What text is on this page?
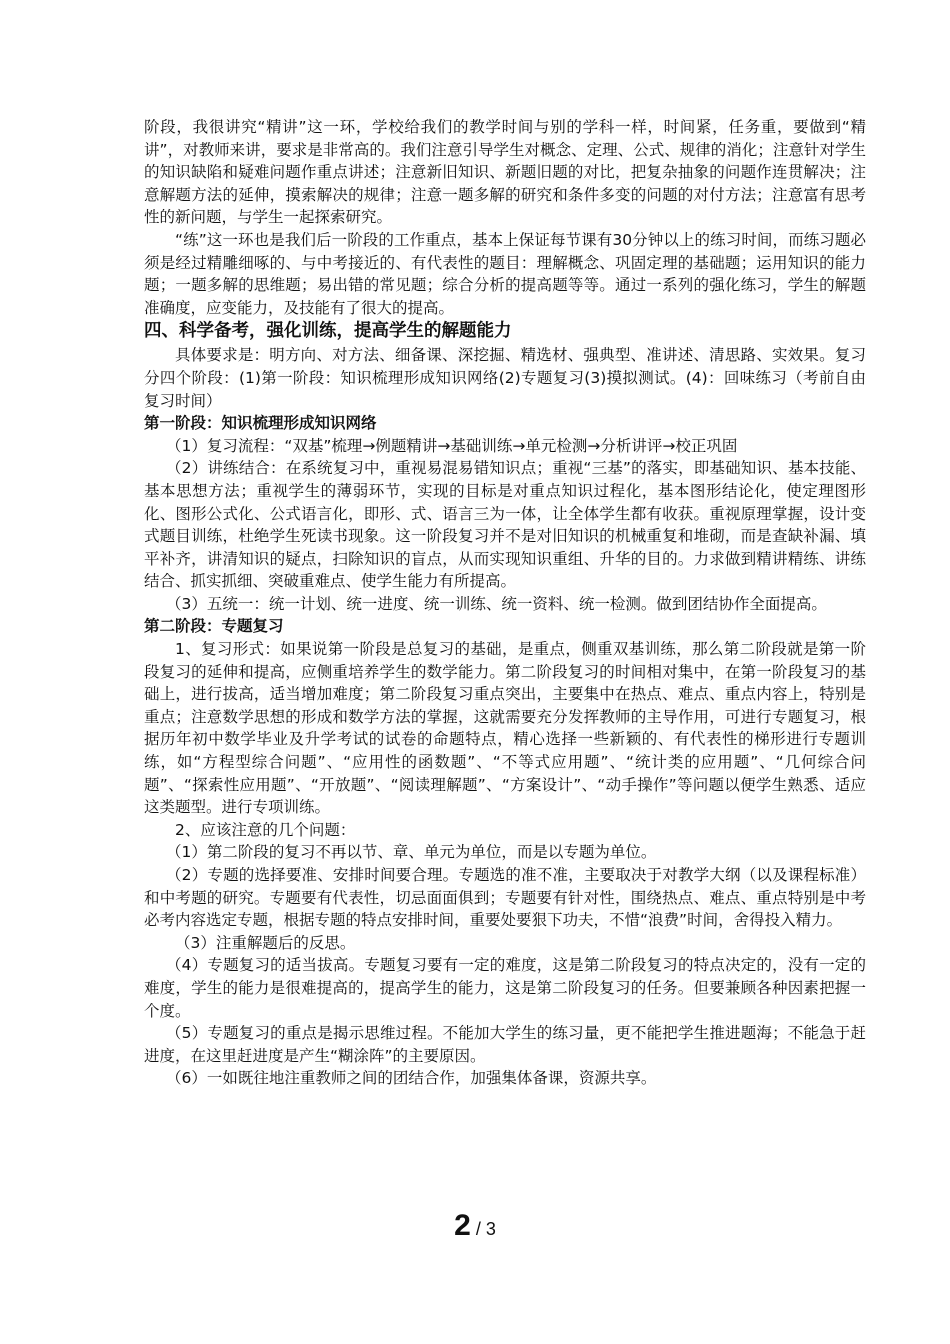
阶段，我很讲究“精讲”这一环，学校给我们的教学时间与别的学科一样，时间紧，任务重，要做到“精讲”，对教师来讲，要求是非常高的。我们注意引导学生对概念、定理、公式、规律的消化；注意针对学生的知识缺陷和疑难问题作重点讲述；注意新旧知识、新题旧题的对比，把复杂抽象的问题作连贯解决；注意解题方法的延伸，摸索解决的规律；注意一题多解的研究和条件多变的问题的对付方法；注意富有思考性的新问题，与学生一起探索研究。

“练”这一环也是我们后一阶段的工作重点，基本上保证每节课有30分钟以上的练习时间，而练习题必须是经过精雕细啄的、与中考接近的、有代表性的题目：理解概念、巩固定理的基础题；运用知识的能力题；一题多解的思维题；易出错的常见题；综合分析的提高题等等。通过一系列的强化练习，学生的解题准确度，应变能力，及技能有了很大的提高。

四、科学备考，强化训练，提高学生的解题能力

具体要求是：明方向、对方法、细备课、深挖掘、精选材、强典型、准讲述、清思路、实效果。复习分四个阶段：(1)第一阶段：知识梳理形成知识网络(2)专题复习(3)摸拟测试。(4)：回味练习（考前自由复习时间）

第一阶段：知识梳理形成知识网络

（1）复习流程：“双基”梳理→例题精讲→基础训练→单元检测→分析讲评→校正巩固

（2）讲练结合：在系统复习中，重视易混易错知识点；重视“三基”的落实，即基础知识、基本技能、基本思想方法；重视学生的薄弱环节，实现的目标是对重点知识过程化，基本图形结论化，使定理图形化、图形公式化、公式语言化，即形、式、语言三为一体，让全体学生都有收获。重视原理掌握，设计变式题目训练，杜绝学生死读书现象。这一阶段复习并不是对旧知识的机械重复和堆砌，而是查缺补漏、填平补齐，讲清知识的疑点，扫除知识的盲点，从而实现知识重组、升华的目的。力求做到精讲精练、讲练结合、抓实抓细、突破重难点、使学生能力有所提高。

（3）五统一：统一计划、统一进度、统一训练、统一资料、统一检测。做到团结协作全面提高。

第二阶段：专题复习

1、复习形式：如果说第一阶段是总复习的基础，是重点，侧重双基训练，那么第二阶段就是第一阶段复习的延伸和提高，应侧重培养学生的数学能力。第二阶段复习的时间相对集中，在第一阶段复习的基础上，进行拔高，适当增加难度；第二阶段复习重点突出，主要集中在热点、难点、重点内容上，特别是重点；注意数学思想的形成和数学方法的掌握，这就需要充分发挥教师的主导作用，可进行专题复习，根据历年初中数学毕业及升学考试的试卷的命题特点，精心选择一些新颖的、有代表性的梯形进行专题训练，如“方程型综合问题”、“应用性的函数题”、“不等式应用题”、“统计类的应用题”、“几何综合问题”、“探索性应用题”、“开放题”、“阅读理解题”、“方案设计”、“动手操作”等问题以便学生熟悉、适应这类题型。进行专项训练。

2、应该注意的几个问题：

（1）第二阶段的复习不再以节、章、单元为单位，而是以专题为单位。

（2）专题的选择要准、安排时间要合理。专题选的准不准，主要取决于对教学大纲（以及课程标准）和中考题的研究。专题要有代表性，切忌面面俱到；专题要有针对性，围绕热点、难点、重点特别是中考必考内容选定专题，根据专题的特点安排时间，重要处要狠下功夫，不惜“浪费”时间，舍得投入精力。

（3）注重解题后的反思。

（4）专题复习的适当拔高。专题复习要有一定的难度，这是第二阶段复习的特点决定的，没有一定的难度，学生的能力是很难提高的，提高学生的能力，这是第二阶段复习的任务。但要兼顾各种因素把握一个度。

（5）专题复习的重点是揭示思维过程。不能加大学生的练习量，更不能把学生推进题海；不能急于赶进度，在这里赶进度是产生“糊涂阵”的主要原因。

（6）一如既往地注重教师之间的团结合作，加强集体备课，资源共享。

2 / 3
